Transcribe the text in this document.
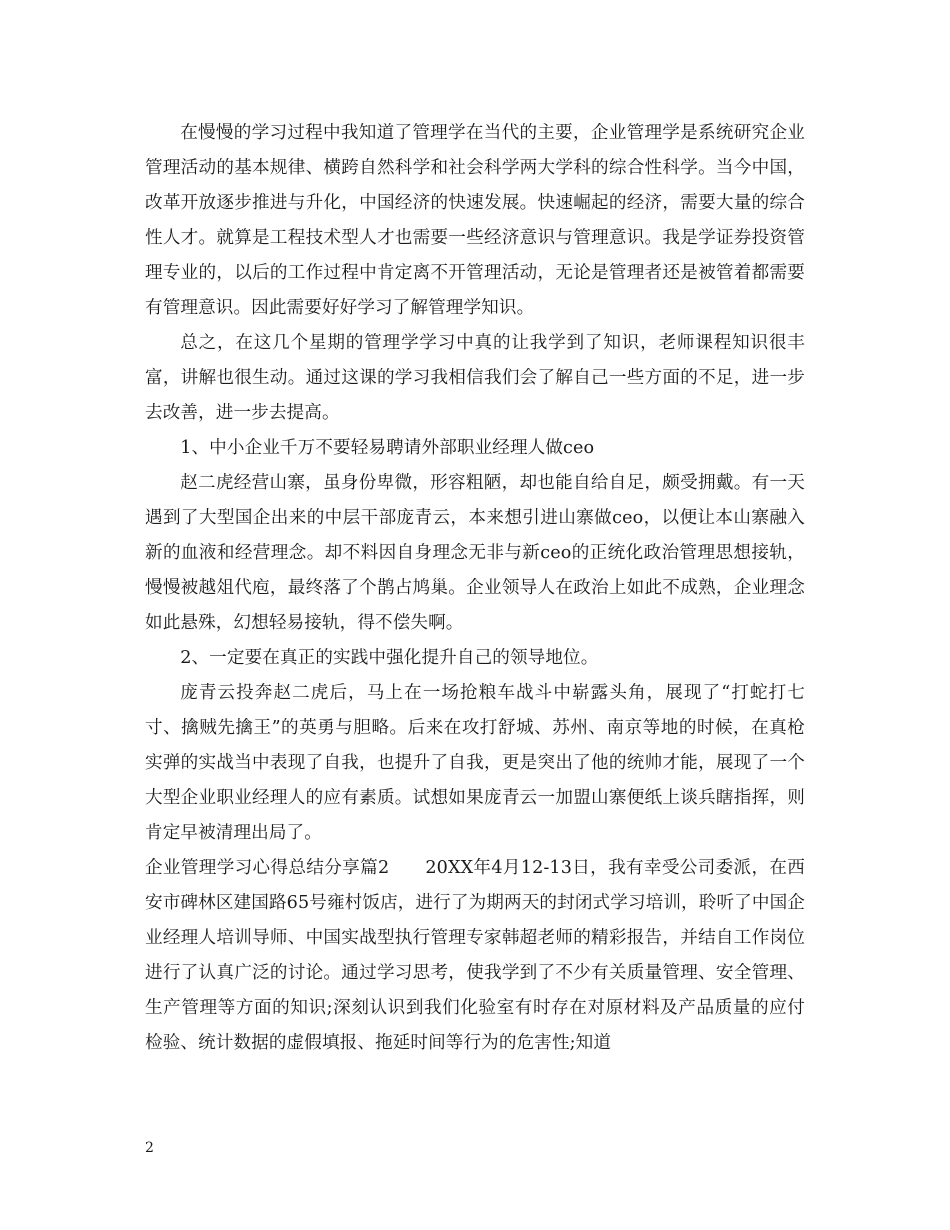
在慢慢的学习过程中我知道了管理学在当代的主要，企业管理学是系统研究企业管理活动的基本规律、横跨自然科学和社会科学两大学科的综合性科学。当今中国，改革开放逐步推进与升化，中国经济的快速发展。快速崛起的经济，需要大量的综合性人才。就算是工程技术型人才也需要一些经济意识与管理意识。我是学证券投资管理专业的，以后的工作过程中肯定离不开管理活动，无论是管理者还是被管着都需要有管理意识。因此需要好好学习了解管理学知识。

总之，在这几个星期的管理学学习中真的让我学到了知识，老师课程知识很丰富，讲解也很生动。通过这课的学习我相信我们会了解自己一些方面的不足，进一步去改善，进一步去提高。

1、中小企业千万不要轻易聘请外部职业经理人做ceo

赵二虎经营山寨，虽身份卑微，形容粗陋，却也能自给自足，颇受拥戴。有一天遇到了大型国企出来的中层干部庞青云，本来想引进山寨做ceo，以便让本山寨融入新的血液和经营理念。却不料因自身理念无非与新ceo的正统化政治管理思想接轨，慢慢被越俎代庖，最终落了个鹊占鸠巢。企业领导人在政治上如此不成熟，企业理念如此悬殊，幻想轻易接轨，得不偿失啊。

2、一定要在真正的实践中强化提升自己的领导地位。

庞青云投奔赵二虎后，马上在一场抢粮车战斗中崭露头角，展现了“打蛇打七寸、擒贼先擒王”的英勇与胆略。后来在攻打舒城、苏州、南京等地的时候，在真枪实弹的实战当中表现了自我，也提升了自我，更是突出了他的统帅才能，展现了一个大型企业职业经理人的应有素质。试想如果庞青云一加盟山寨便纸上谈兵瞎指挥，则肯定早被清理出局了。

企业管理学习心得总结分享篇2　　20XX年4月12-13日，我有幸受公司委派，在西安市碑林区建国路65号雍村饭店，进行了为期两天的封闭式学习培训，聆听了中国企业经理人培训导师、中国实战型执行管理专家韩超老师的精彩报告，并结自工作岗位进行了认真广泛的讨论。通过学习思考，使我学到了不少有关质量管理、安全管理、生产管理等方面的知识;深刻认识到我们化验室有时存在对原材料及产品质量的应付检验、统计数据的虚假填报、拖延时间等行为的危害性;知道

2
